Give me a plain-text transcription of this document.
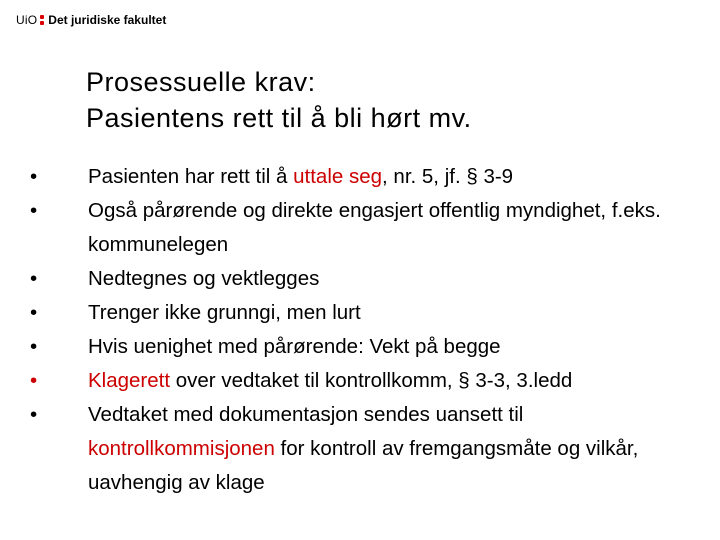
UiO Det juridiske fakultet
Prosessuelle krav:
Pasientens rett til å bli hørt mv.
• Pasienten har rett til å uttale seg, nr. 5, jf. § 3-9
• Også pårørende og direkte engasjert offentlig myndighet, f.eks. kommunelegen
• Nedtegnes og vektlegges
• Trenger ikke grunngi, men lurt
• Hvis uenighet med pårørende: Vekt på begge
• Klagerett over vedtaket til kontrollkomm, § 3-3, 3.ledd
• Vedtaket med dokumentasjon sendes uansett til kontrollkommisjonen for kontroll av fremgangsmåte og vilkår, uavhengig av klage
